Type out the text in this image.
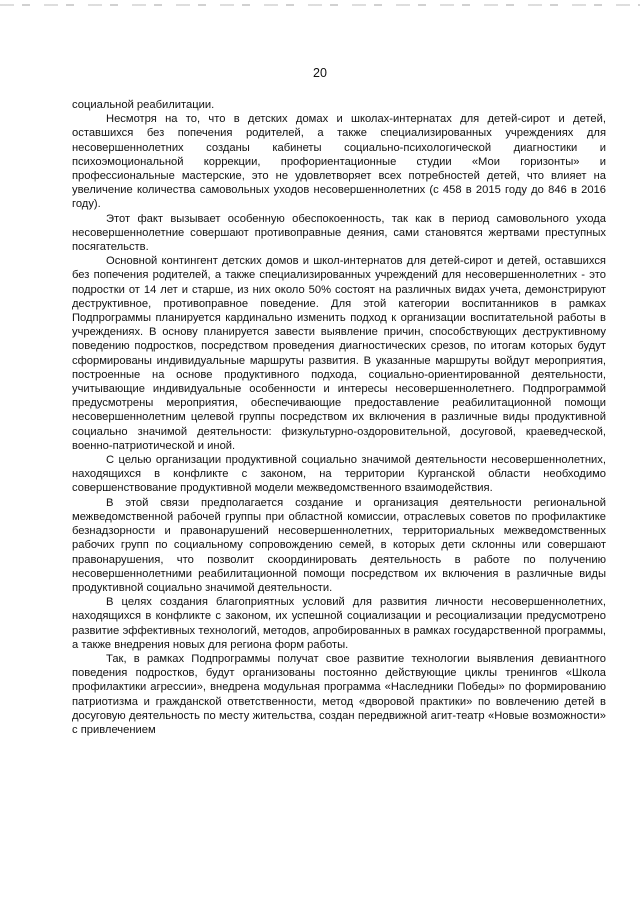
20

социальной реабилитации.

Несмотря на то, что в детских домах и школах-интернатах для детей-сирот и детей, оставшихся без попечения родителей, а также специализированных учреждениях для несовершеннолетних созданы кабинеты социально-психологической диагностики и психоэмоциональной коррекции, профориентационные студии «Мои горизонты» и профессиональные мастерские, это не удовлетворяет всех потребностей детей, что влияет на увеличение количества самовольных уходов несовершеннолетних (с 458 в 2015 году до 846 в 2016 году).

Этот факт вызывает особенную обеспокоенность, так как в период самовольного ухода несовершеннолетние совершают противоправные деяния, сами становятся жертвами преступных посягательств.

Основной контингент детских домов и школ-интернатов для детей-сирот и детей, оставшихся без попечения родителей, а также специализированных учреждений для несовершеннолетних - это подростки от 14 лет и старше, из них около 50% состоят на различных видах учета, демонстрируют деструктивное, противоправное поведение. Для этой категории воспитанников в рамках Подпрограммы планируется кардинально изменить подход к организации воспитательной работы в учреждениях. В основу планируется завести выявление причин, способствующих деструктивному поведению подростков, посредством проведения диагностических срезов, по итогам которых будут сформированы индивидуальные маршруты развития. В указанные маршруты войдут мероприятия, построенные на основе продуктивного подхода, социально-ориентированной деятельности, учитывающие индивидуальные особенности и интересы несовершеннолетнего. Подпрограммой предусмотрены мероприятия, обеспечивающие предоставление реабилитационной помощи несовершеннолетним целевой группы посредством их включения в различные виды продуктивной социально значимой деятельности: физкультурно-оздоровительной, досуговой, краеведческой, военно-патриотической и иной.

С целью организации продуктивной социально значимой деятельности несовершеннолетних, находящихся в конфликте с законом, на территории Курганской области необходимо совершенствование продуктивной модели межведомственного взаимодействия.

В этой связи предполагается создание и организация деятельности региональной межведомственной рабочей группы при областной комиссии, отраслевых советов по профилактике безнадзорности и правонарушений несовершеннолетних, территориальных межведомственных рабочих групп по социальному сопровождению семей, в которых дети склонны или совершают правонарушения, что позволит скоординировать деятельность в работе по получению несовершеннолетними реабилитационной помощи посредством их включения в различные виды продуктивной социально значимой деятельности.

В целях создания благоприятных условий для развития личности несовершеннолетних, находящихся в конфликте с законом, их успешной социализации и ресоциализации предусмотрено развитие эффективных технологий, методов, апробированных в рамках государственной программы, а также внедрения новых для региона форм работы.

Так, в рамках Подпрограммы получат свое развитие технологии выявления девиантного поведения подростков, будут организованы постоянно действующие циклы тренингов «Школа профилактики агрессии», внедрена модульная программа «Наследники Победы» по формированию патриотизма и гражданской ответственности, метод «дворовой практики» по вовлечению детей в досуговую деятельность по месту жительства, создан передвижной агит-театр «Новые возможности» с привлечением
